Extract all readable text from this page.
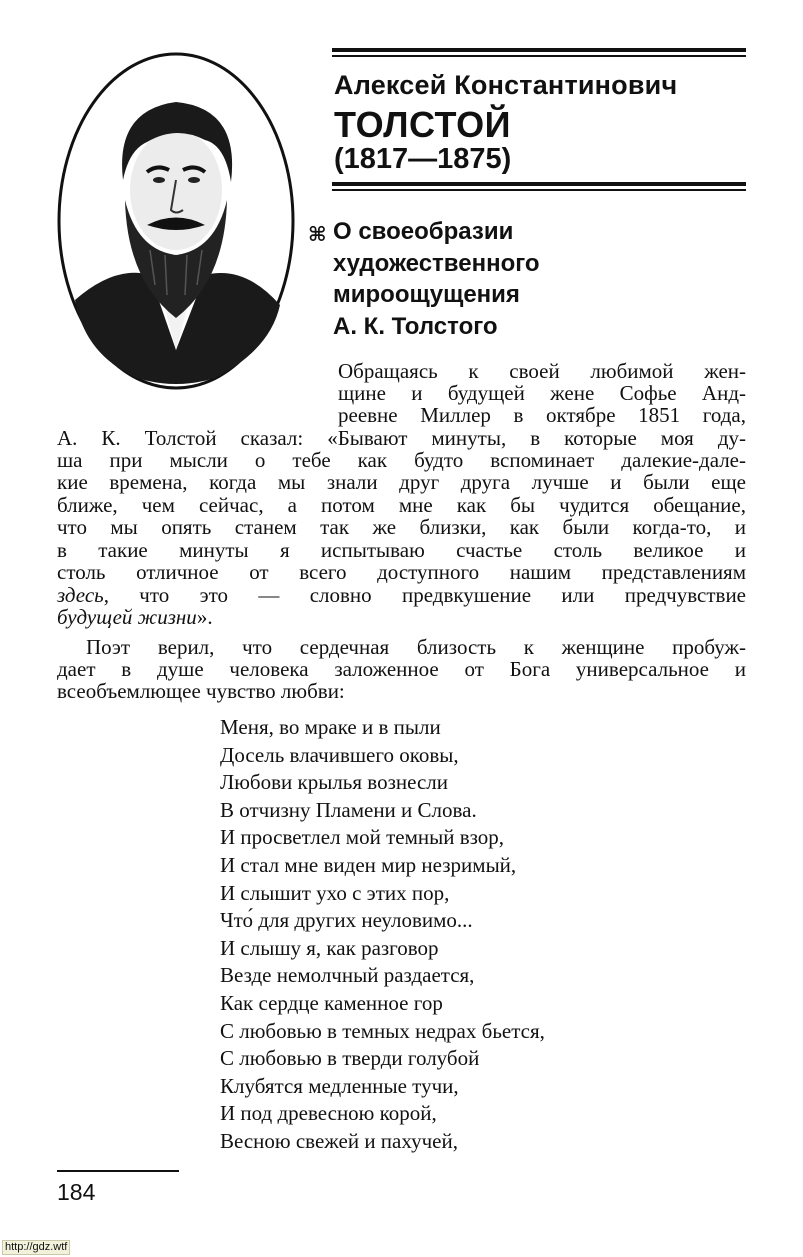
Алексей Константинович
ТОЛСТОЙ
(1817—1875)
⌘ О своеобразии
художественного
мироощущения
А. К. Толстого
Обращаясь к своей любимой жен-
щине и будущей жене Софье Анд-
реевне Миллер в октябре 1851 года,
А. К. Толстой сказал: «Бывают минуты, в которые моя ду-
ша при мысли о тебе как будто вспоминает далекие-дале-
кие времена, когда мы знали друг друга лучше и были еще
ближе, чем сейчас, а потом мне как бы чудится обещание,
что мы опять станем так же близки, как были когда-то, и
в такие минуты я испытываю счастье столь великое и
столь отличное от всего доступного нашим представлениям
здесь, что это — словно предвкушение или предчувствие
будущей жизни».
Поэт верил, что сердечная близость к женщине пробуж-
дает в душе человека заложенное от Бога универсальное и
всеобъемлющее чувство любви:
Меня, во мраке и в пыли
Досель влачившего оковы,
Любови крылья вознесли
В отчизну Пламени и Слова.
И просветлел мой темный взор,
И стал мне виден мир незримый,
И слышит ухо с этих пор,
Что́ для других неуловимо...
И слышу я, как разговор
Везде немолчный раздается,
Как сердце каменное гор
С любовью в темных недрах бьется,
С любовью в тверди голубой
Клубятся медленные тучи,
И под древесною корой,
Весною свежей и пахучей,
184
http://gdz.wtf
